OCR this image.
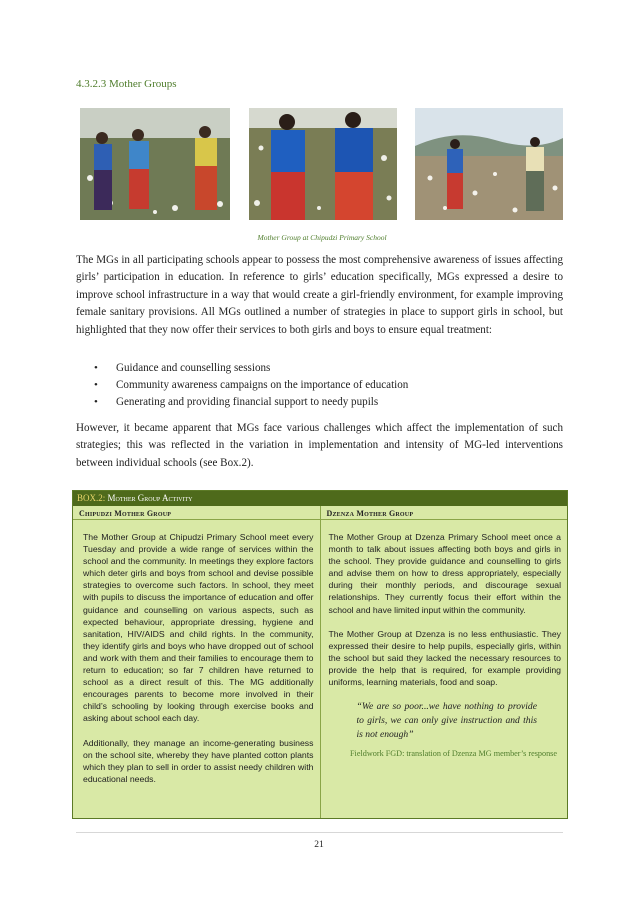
4.3.2.3 Mother Groups
Mother Group at Chipudzi Primary School

The MGs in all participating schools appear to possess the most comprehensive awareness of issues affecting girls’ participation in education. In reference to girls’ education specifically, MGs expressed a desire to improve school infrastructure in a way that would create a girl-friendly environment, for example improving female sanitary provisions. All MGs outlined a number of strategies in place to support girls in school, but highlighted that they now offer their services to both girls and boys to ensure equal treatment:

• Guidance and counselling sessions
• Community awareness campaigns on the importance of education
• Generating and providing financial support to needy pupils

However, it became apparent that MGs face various challenges which affect the implementation of such strategies; this was reflected in the variation in implementation and intensity of MG-led interventions between individual schools (see Box.2).

BOX.2: Mother Group Activity
Chipudzi Mother Group

The Mother Group at Chipudzi Primary School meet every Tuesday and provide a wide range of services within the school and the community. In meetings they explore factors which deter girls and boys from school and devise possible strategies to overcome such factors. In school, they meet with pupils to discuss the importance of education and offer guidance and counselling on various aspects, such as expected behaviour, appropriate dressing, hygiene and sanitation, HIV/AIDS and child rights. In the community, they identify girls and boys who have dropped out of school and work with them and their families to encourage them to return to education; so far 7 children have returned to school as a direct result of this. The MG additionally encourages parents to become more involved in their child’s schooling by looking through exercise books and asking about school each day.

Additionally, they manage an income-generating business on the school site, whereby they have planted cotton plants which they plan to sell in order to assist needy children with educational needs.

Dzenza Mother Group

The Mother Group at Dzenza Primary School meet once a month to talk about issues affecting both boys and girls in the school. They provide guidance and counselling to girls and advise them on how to dress appropriately, especially during their monthly periods, and discourage sexual relationships. They currently focus their effort within the school and have limited input within the community.

The Mother Group at Dzenza is no less enthusiastic. They expressed their desire to help pupils, especially girls, within the school but said they lacked the necessary resources to provide the help that is required, for example providing uniforms, learning materials, food and soap.

“We are so poor...we have nothing to provide to girls, we can only give instruction and this is not enough”

Fieldwork FGD: translation of Dzenza MG member’s response

21
